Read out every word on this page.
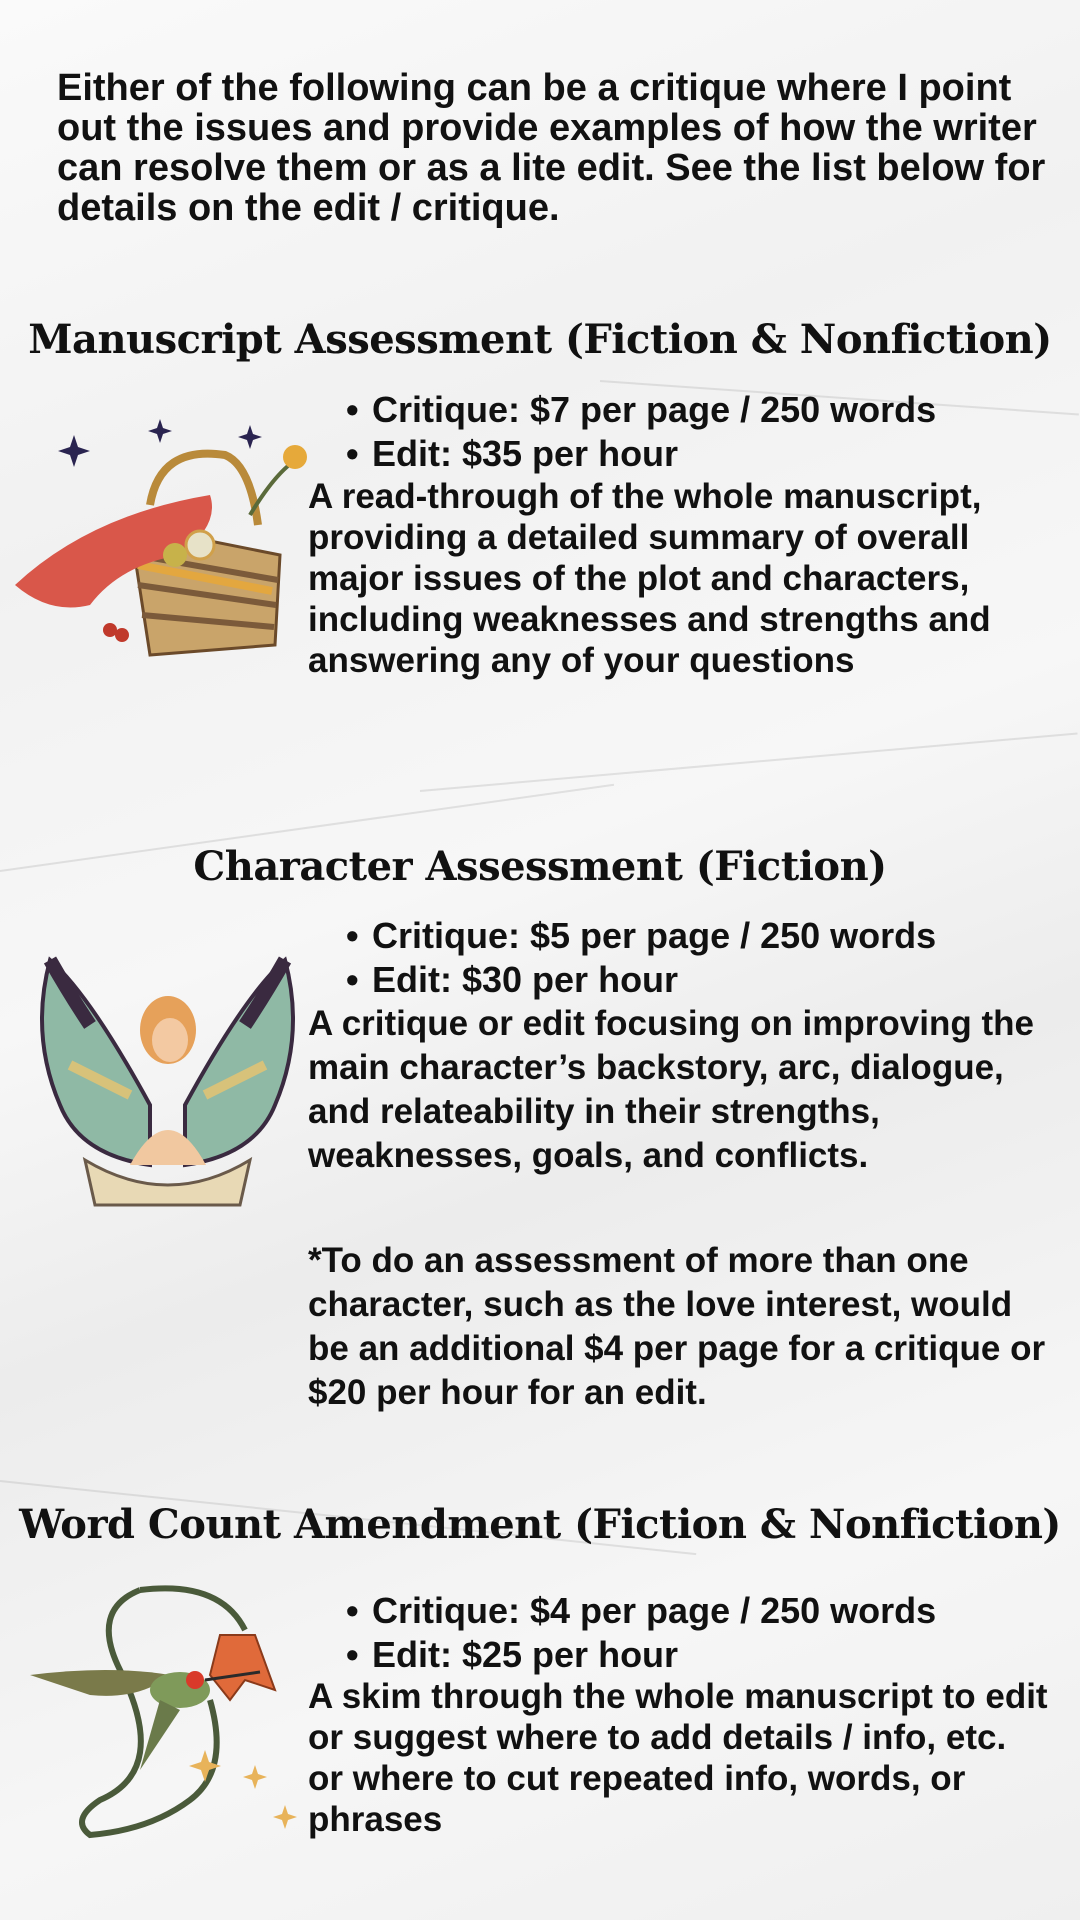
Either of the following can be a critique where I point out the issues and provide examples of how the writer can resolve them or as a lite edit. See the list below for details on the edit / critique.

Manuscript Assessment (Fiction & Nonfiction)
• Critique: $7 per page / 250 words
• Edit: $35 per hour

A read-through of the whole manuscript, providing a detailed summary of overall major issues of the plot and characters, including weaknesses and strengths and answering any of your questions

Character Assessment (Fiction)
• Critique: $5 per page / 250 words
• Edit: $30 per hour

A critique or edit focusing on improving the main character’s backstory, arc, dialogue, and relateability in their strengths, weaknesses, goals, and conflicts.

*To do an assessment of more than one character, such as the love interest, would be an additional $4 per page for a critique or $20 per hour for an edit.

Word Count Amendment (Fiction & Nonfiction)
• Critique: $4 per page / 250 words
• Edit: $25 per hour

A skim through the whole manuscript to edit or suggest where to add details / info, etc. or where to cut repeated info, words, or phrases
